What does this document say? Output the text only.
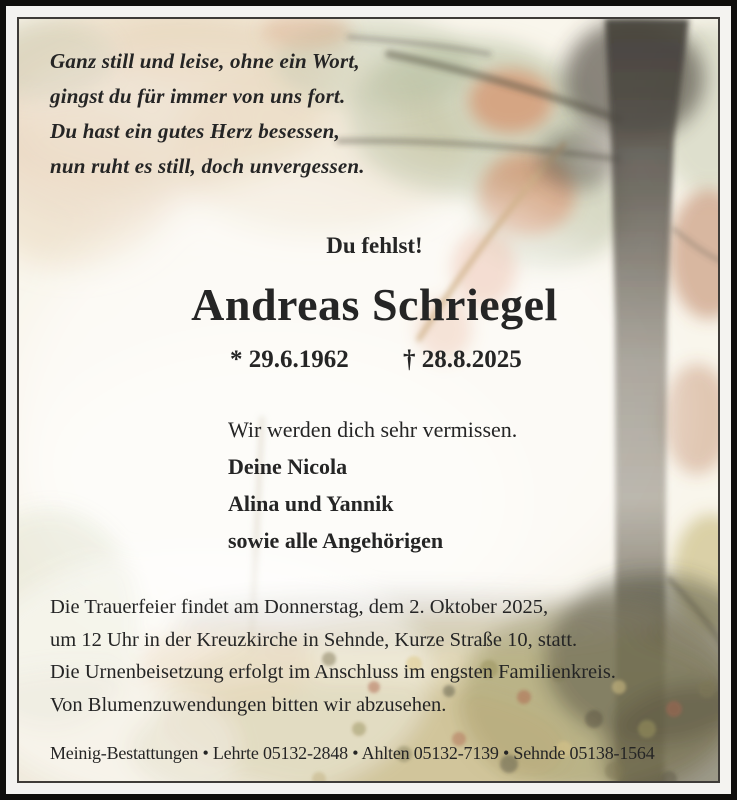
Ganz still und leise, ohne ein Wort,

gingst du für immer von uns fort.

Du hast ein gutes Herz besessen,

nun ruht es still, doch unvergessen.

Du fehlst!

Andreas Schriegel
* 29.6.1962 † 28.8.2025

Wir werden dich sehr vermissen.

Deine Nicola

Alina und Yannik

sowie alle Angehörigen

Die Trauerfeier findet am Donnerstag, dem 2. Oktober 2025,

um 12 Uhr in der Kreuzkirche in Sehnde, Kurze Straße 10, statt.

Die Urnenbeisetzung erfolgt im Anschluss im engsten Familienkreis.

Von Blumenzuwendungen bitten wir abzusehen.

Meinig-Bestattungen • Lehrte 05132-2848 • Ahlten 05132-7139 • Sehnde 05138-1564
